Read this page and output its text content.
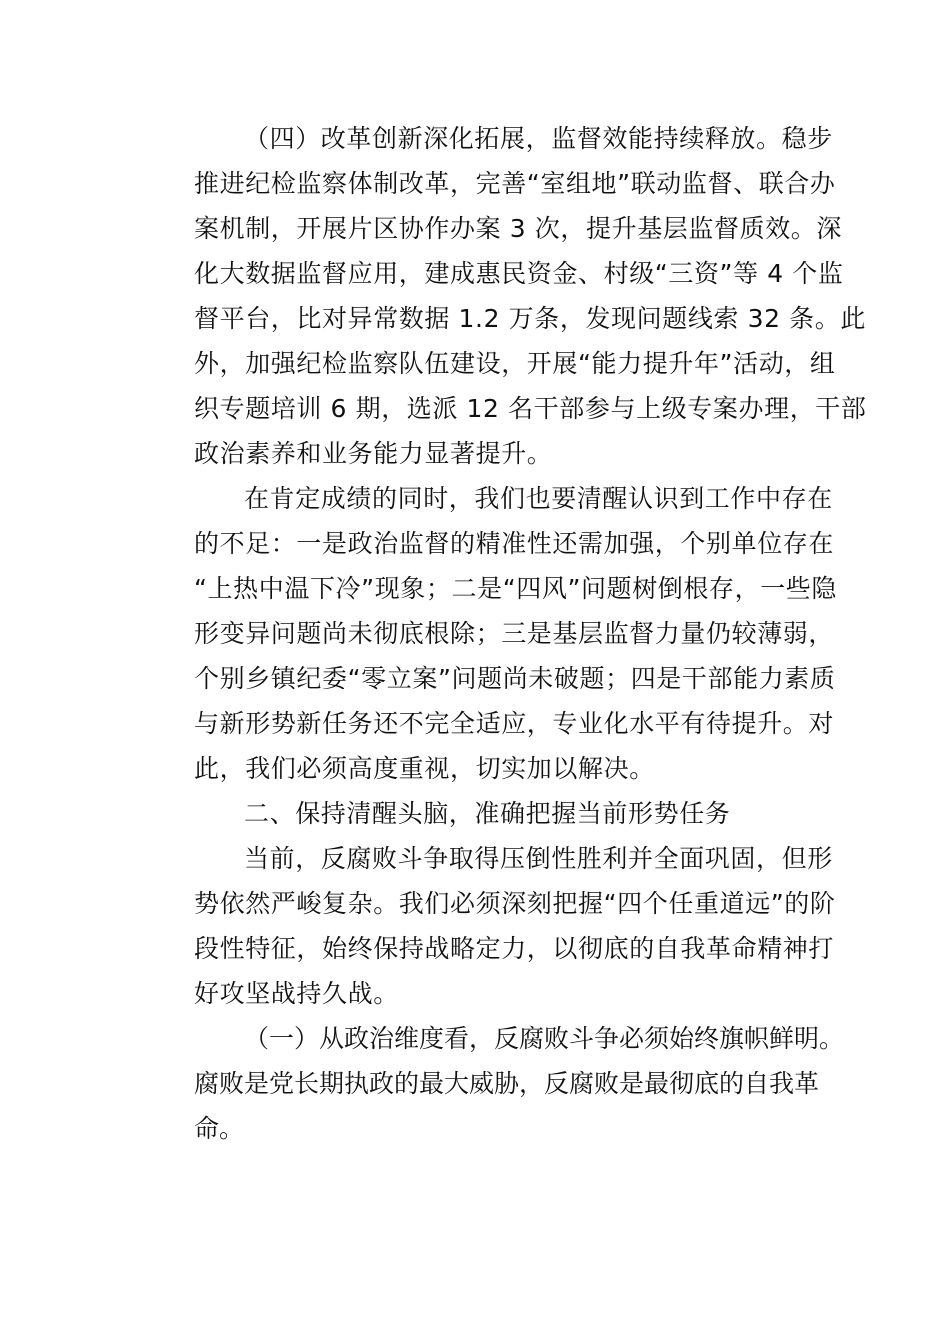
（四）改革创新深化拓展，监督效能持续释放。稳步
推进纪检监察体制改革，完善“室组地”联动监督、联合办
案机制，开展片区协作办案 3 次，提升基层监督质效。深
化大数据监督应用，建成惠民资金、村级“三资”等 4 个监
督平台，比对异常数据 1.2 万条，发现问题线索 32 条。此
外，加强纪检监察队伍建设，开展“能力提升年”活动，组
织专题培训 6 期，选派 12 名干部参与上级专案办理，干部
政治素养和业务能力显著提升。
在肯定成绩的同时，我们也要清醒认识到工作中存在
的不足：一是政治监督的精准性还需加强，个别单位存在
“上热中温下冷”现象；二是“四风”问题树倒根存，一些隐
形变异问题尚未彻底根除；三是基层监督力量仍较薄弱，
个别乡镇纪委“零立案”问题尚未破题；四是干部能力素质
与新形势新任务还不完全适应，专业化水平有待提升。对
此，我们必须高度重视，切实加以解决。
二、保持清醒头脑，准确把握当前形势任务
当前，反腐败斗争取得压倒性胜利并全面巩固，但形
势依然严峻复杂。我们必须深刻把握“四个任重道远”的阶
段性特征，始终保持战略定力，以彻底的自我革命精神打
好攻坚战持久战。
（一）从政治维度看，反腐败斗争必须始终旗帜鲜明。
腐败是党长期执政的最大威胁，反腐败是最彻底的自我革
命。
